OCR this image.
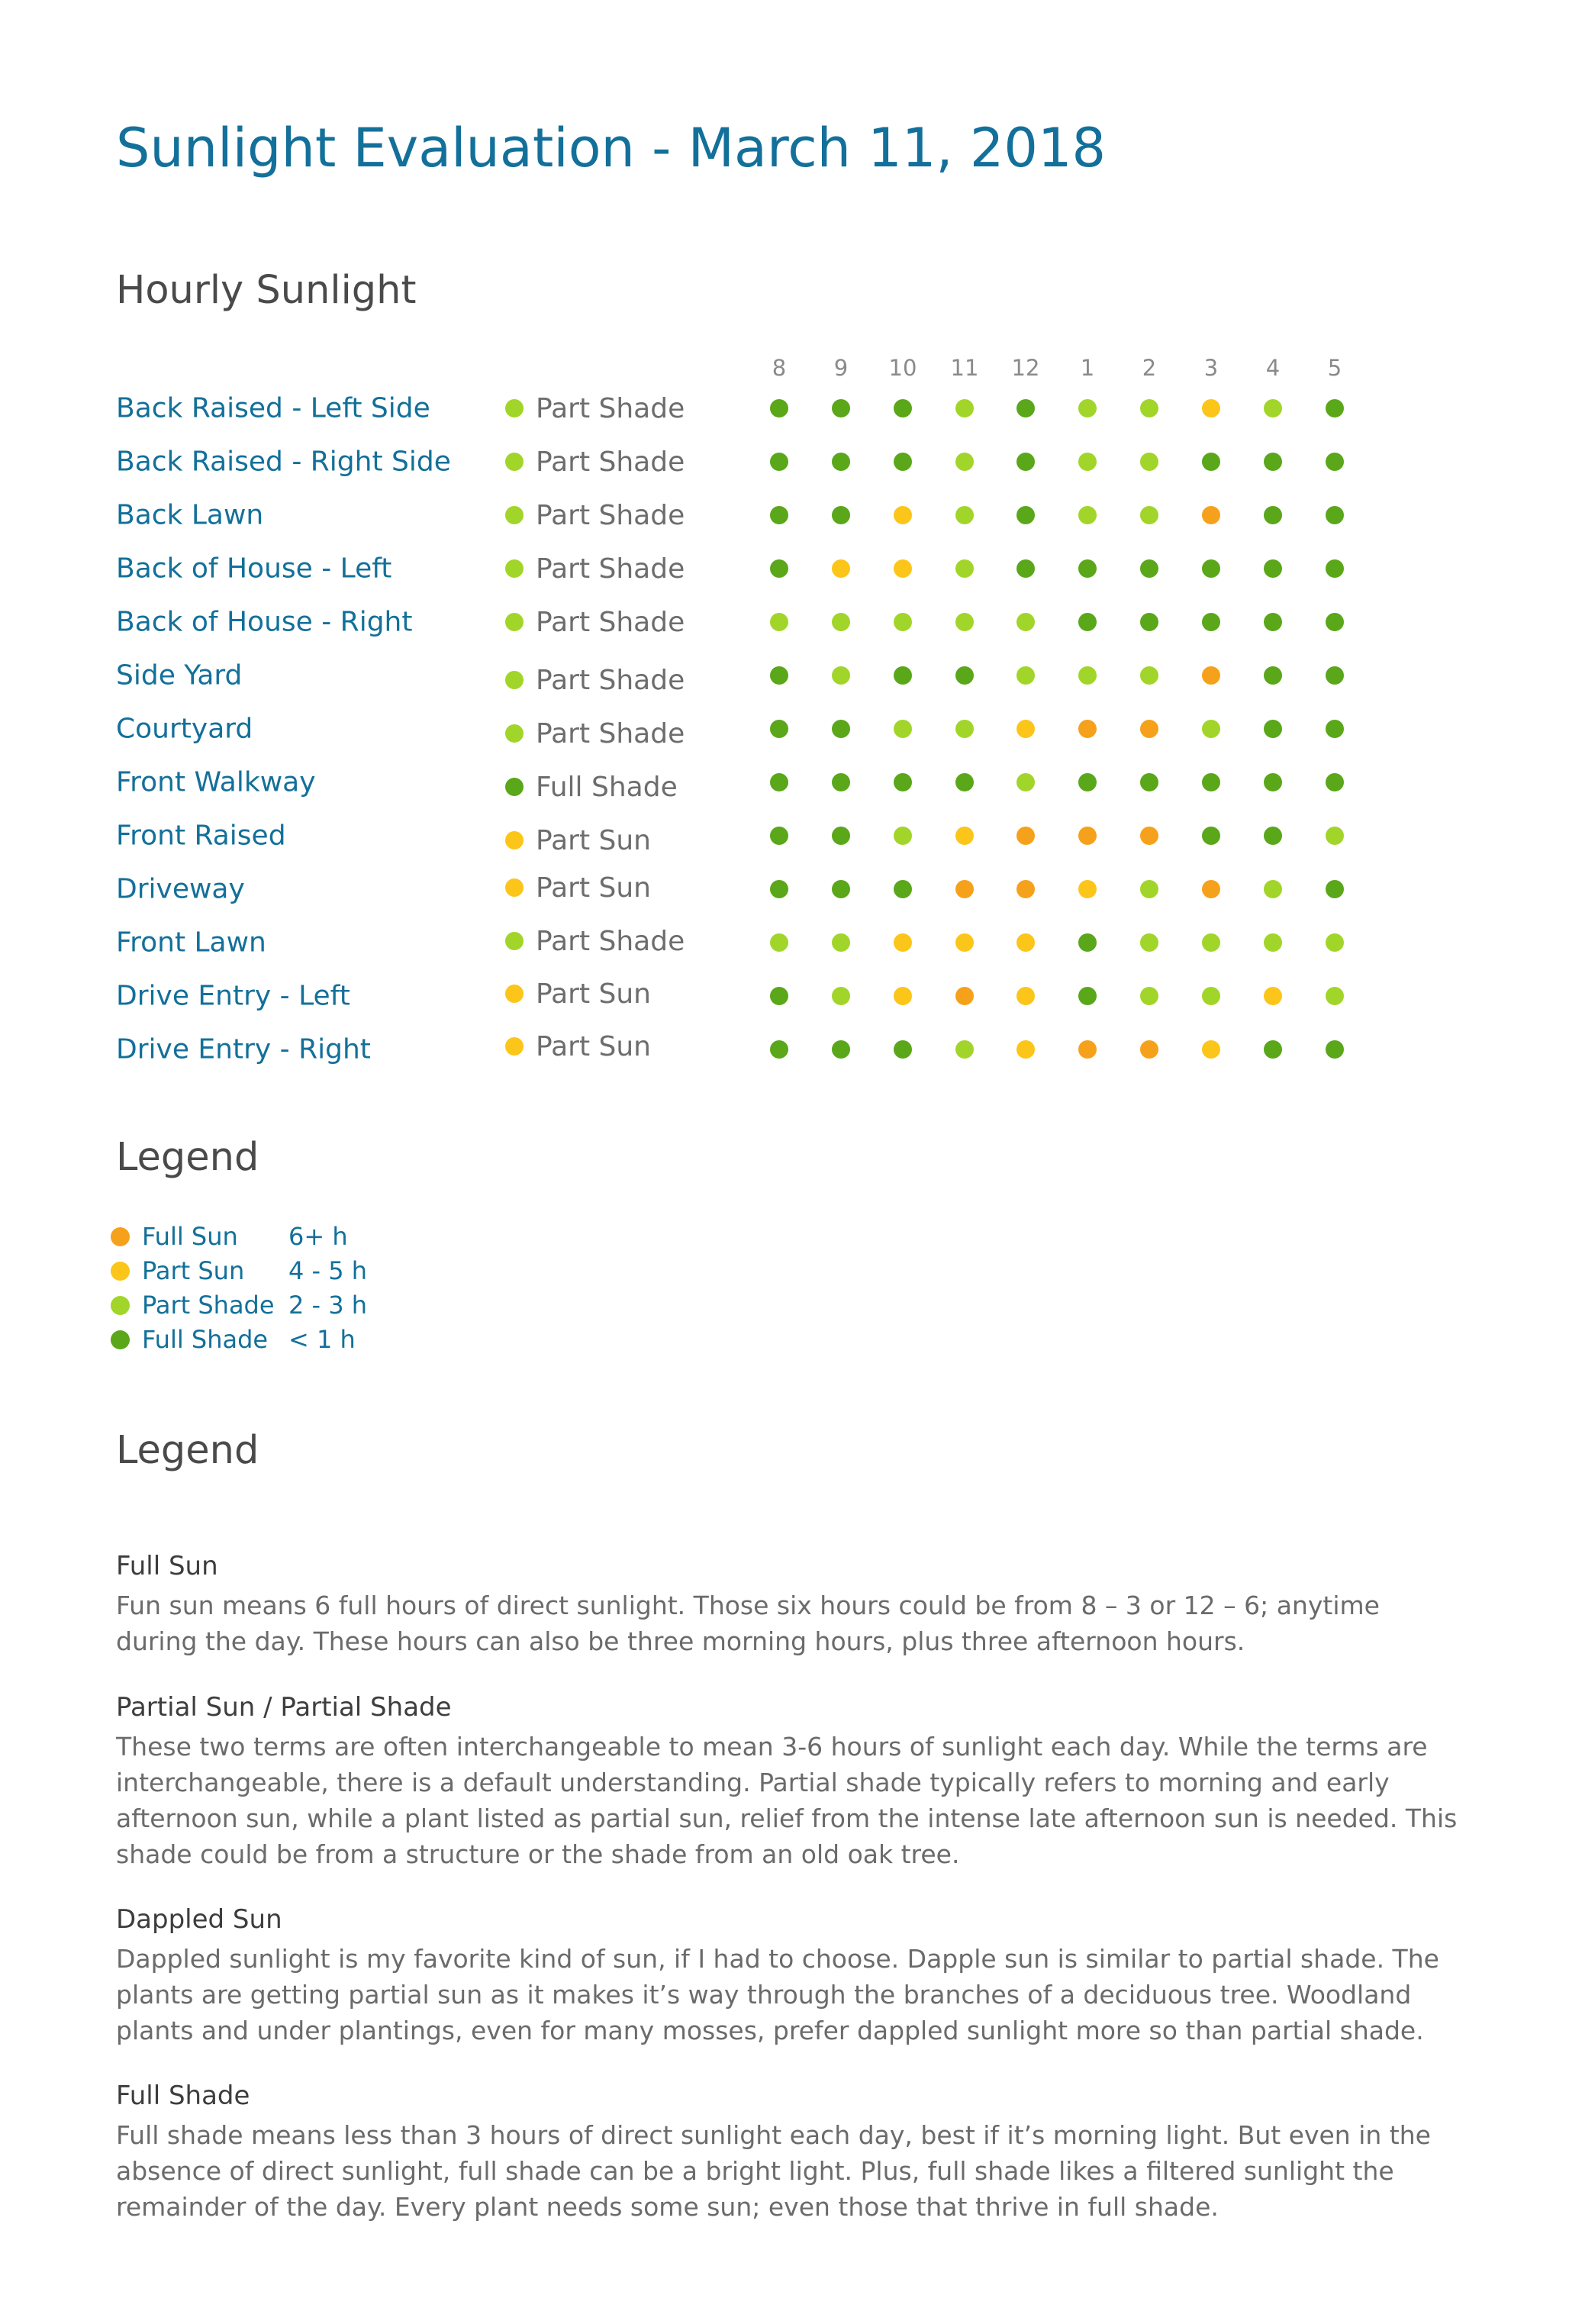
Sunlight Evaluation - March 11, 2018
Hourly Sunlight
8 9 10 11 12 1 2 3 4 5
Back Raised - Left Side	Part Shade
Back Raised - Right Side	Part Shade
Back Lawn	Part Shade
Back of House - Left	Part Shade
Back of House - Right	Part Shade
Side Yard	Part Shade
Courtyard	Part Shade
Front Walkway	Full Shade
Front Raised	Part Sun
Driveway	Part Sun
Front Lawn	Part Shade
Drive Entry - Left	Part Sun
Drive Entry - Right	Part Sun
Legend
Full Sun	6+ h
Part Sun	4 - 5 h
Part Shade 2 - 3 h
Full Shade < 1 h
Legend
Full Sun

Fun sun means 6 full hours of direct sunlight. Those six hours could be from 8 – 3 or 12 – 6; anytime during the day. These hours can also be three morning hours, plus three afternoon hours.

Partial Sun / Partial Shade

These two terms are often interchangeable to mean 3-6 hours of sunlight each day. While the terms are interchangeable, there is a default understanding. Partial shade typically refers to morning and early afternoon sun, while a plant listed as partial sun, relief from the intense late afternoon sun is needed. This shade could be from a structure or the shade from an old oak tree.

Dappled Sun

Dappled sunlight is my favorite kind of sun, if I had to choose. Dapple sun is similar to partial shade. The plants are getting partial sun as it makes it’s way through the branches of a deciduous tree. Woodland plants and under plantings, even for many mosses, prefer dappled sunlight more so than partial shade.

Full Shade

Full shade means less than 3 hours of direct sunlight each day, best if it’s morning light. But even in the absence of direct sunlight, full shade can be a bright light. Plus, full shade likes a filtered sunlight the remainder of the day. Every plant needs some sun; even those that thrive in full shade.
